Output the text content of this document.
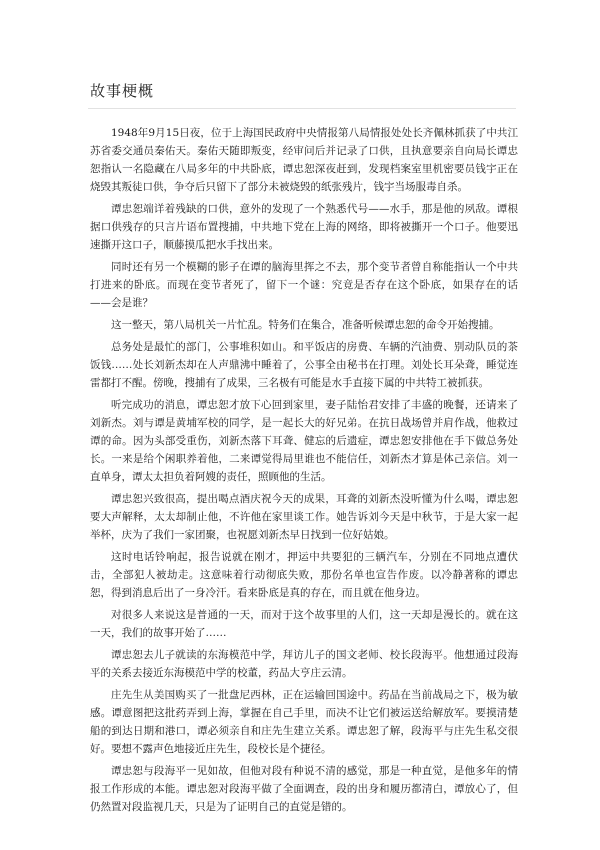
故事梗概

1948年9月15日夜，位于上海国民政府中央情报第八局情报处处长齐佩林抓获了中共江苏省委交通员秦佑天。秦佑天随即叛变，经审问后并记录了口供，且执意要亲自向局长谭忠恕指认一名隐藏在八局多年的中共卧底，谭忠恕深夜赶到，发现档案室里机密要员钱宇正在烧毁其叛徒口供，争夺后只留下了部分未被烧毁的纸张残片，钱宇当场服毒自杀。

谭忠恕端详着残缺的口供，意外的发现了一个熟悉代号——水手，那是他的夙敌。谭根据口供残存的只言片语布置搜捕，中共地下党在上海的网络，即将被撕开一个口子。他要迅速撕开这口子，顺藤摸瓜把水手找出来。

同时还有另一个模糊的影子在谭的脑海里挥之不去，那个变节者曾自称能指认一个中共打进来的卧底。而现在变节者死了，留下一个谜：究竟是否存在这个卧底，如果存在的话——会是谁？

这一整天，第八局机关一片忙乱。特务们在集合，准备听候谭忠恕的命令开始搜捕。

总务处是最忙的部门，公事堆积如山。和平饭店的房费、车辆的汽油费、别动队员的茶饭钱……处长刘新杰却在人声鼎沸中睡着了，公事全由秘书在打理。刘处长耳朵聋，睡觉连雷都打不醒。傍晚，搜捕有了成果，三名极有可能是水手直接下属的中共特工被抓获。

听完成功的消息，谭忠恕才放下心回到家里，妻子陆怡君安排了丰盛的晚餐，还请来了刘新杰。刘与谭是黄埔军校的同学，是一起长大的好兄弟。在抗日战场曾并肩作战，他救过谭的命。因为头部受重伤，刘新杰落下耳聋、健忘的后遗症，谭忠恕安排他在手下做总务处长。一来是给个闲职养着他，二来谭觉得局里谁也不能信任，刘新杰才算是体己亲信。刘一直单身，谭太太担负着阿嫂的责任，照顾他的生活。

谭忠恕兴致很高，提出喝点酒庆祝今天的成果，耳聋的刘新杰没听懂为什么喝，谭忠恕要大声解释，太太却制止他，不许他在家里谈工作。她告诉刘今天是中秋节，于是大家一起举杯，庆为了我们一家团聚，也祝愿刘新杰早日找到一位好姑娘。

这时电话铃响起，报告说就在刚才，押运中共要犯的三辆汽车，分别在不同地点遭伏击，全部犯人被劫走。这意味着行动彻底失败，那份名单也宣告作废。以冷静著称的谭忠恕，得到消息后出了一身冷汗。看来卧底是真的存在，而且就在他身边。

对很多人来说这是普通的一天，而对于这个故事里的人们，这一天却是漫长的。就在这一天，我们的故事开始了……

谭忠恕去儿子就读的东海模范中学，拜访儿子的国文老师、校长段海平。他想通过段海平的关系去接近东海模范中学的校董，药品大亨庄云清。

庄先生从美国购买了一批盘尼西林，正在运输回国途中。药品在当前战局之下，极为敏感。谭意图把这批药弄到上海，掌握在自己手里，而决不让它们被运送给解放军。要摸清楚船的到达日期和港口，谭必须亲自和庄先生建立关系。谭忠恕了解，段海平与庄先生私交很好。要想不露声色地接近庄先生，段校长是个捷径。

谭忠恕与段海平一见如故，但他对段有种说不清的感觉，那是一种直觉，是他多年的情报工作形成的本能。谭忠恕对段海平做了全面调查，段的出身和履历都清白，谭放心了，但仍然置对段监视几天，只是为了证明自己的直觉是错的。
